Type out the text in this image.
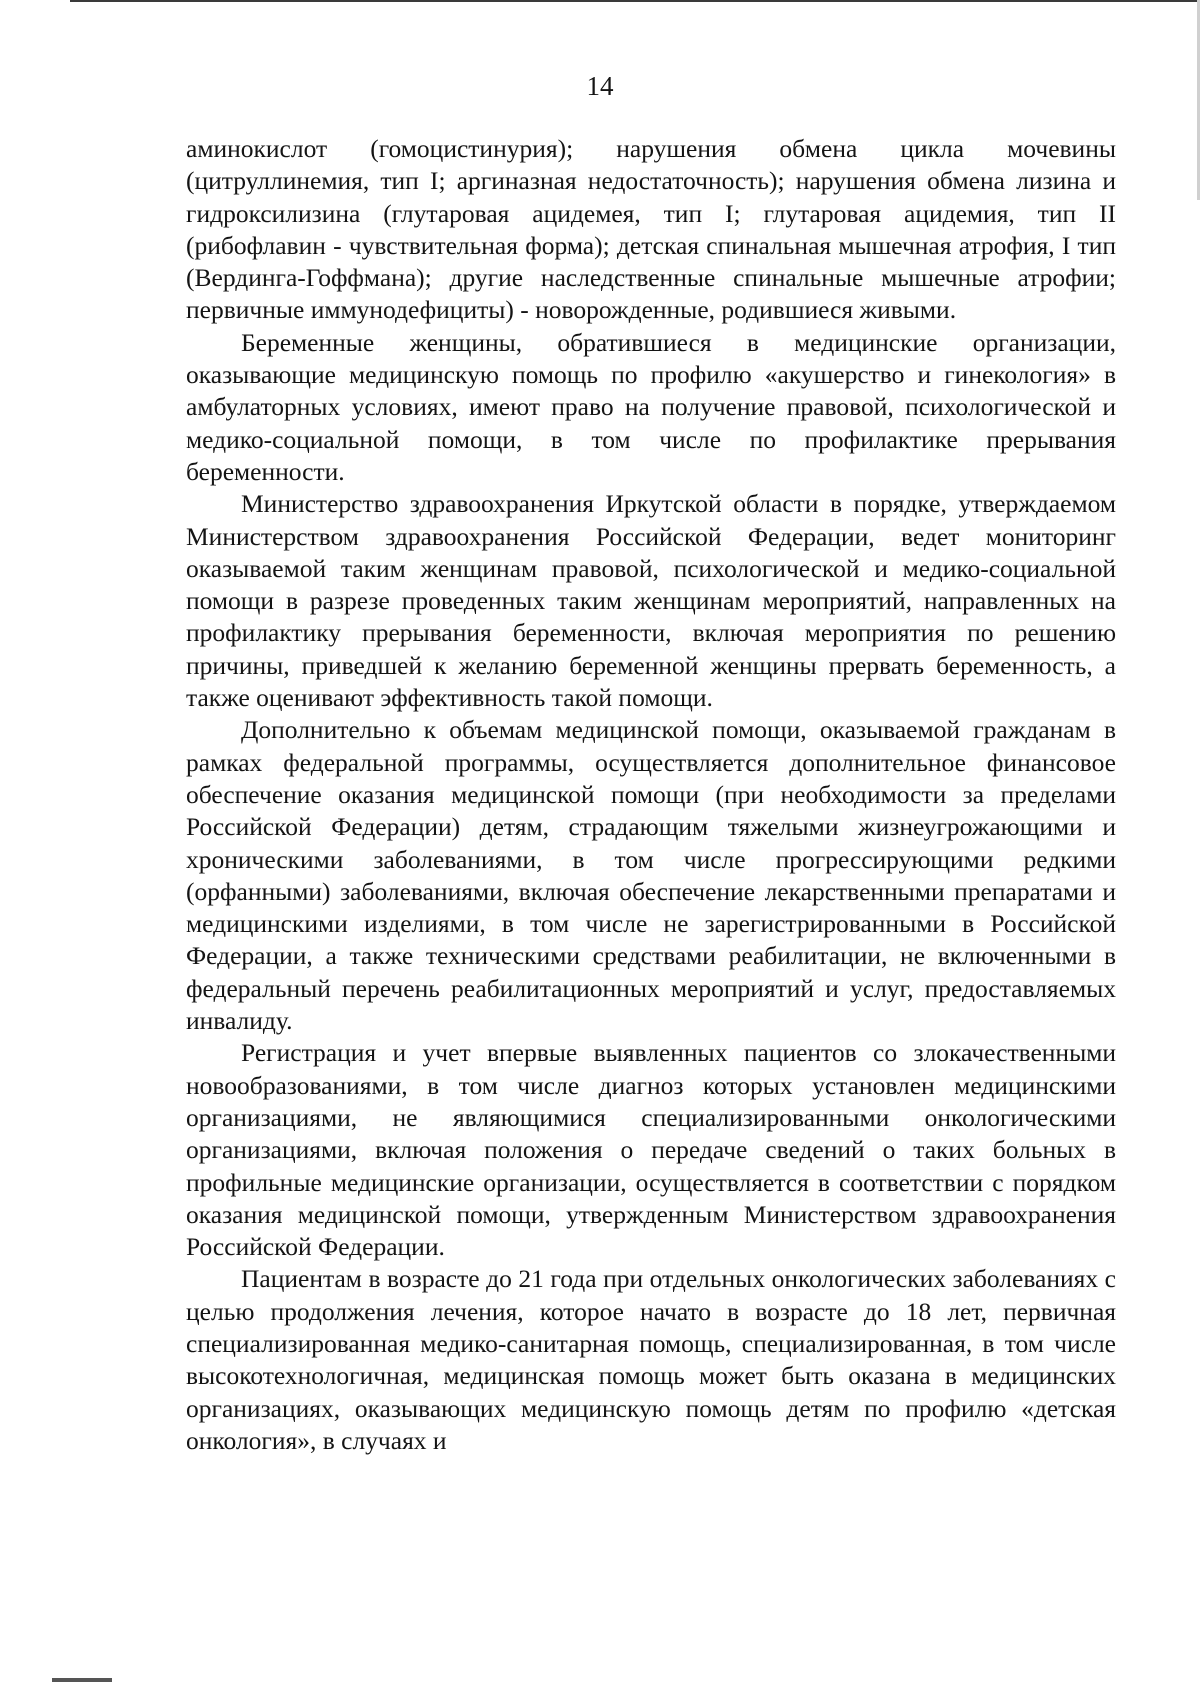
14

аминокислот (гомоцистинурия); нарушения обмена цикла мочевины (цитруллинемия, тип I; аргиназная недостаточность); нарушения обмена лизина и гидроксилизина (глутаровая ацидемея, тип I; глутаровая ацидемия, тип II (рибофлавин - чувствительная форма); детская спинальная мышечная атрофия, I тип (Вердинга-Гоффмана); другие наследственные спинальные мышечные атрофии; первичные иммунодефициты) - новорожденные, родившиеся живыми.

Беременные женщины, обратившиеся в медицинские организации, оказывающие медицинскую помощь по профилю «акушерство и гинекология» в амбулаторных условиях, имеют право на получение правовой, психологической и медико-социальной помощи, в том числе по профилактике прерывания беременности.

Министерство здравоохранения Иркутской области в порядке, утверждаемом Министерством здравоохранения Российской Федерации, ведет мониторинг оказываемой таким женщинам правовой, психологической и медико-социальной помощи в разрезе проведенных таким женщинам мероприятий, направленных на профилактику прерывания беременности, включая мероприятия по решению причины, приведшей к желанию беременной женщины прервать беременность, а также оценивают эффективность такой помощи.

Дополнительно к объемам медицинской помощи, оказываемой гражданам в рамках федеральной программы, осуществляется дополнительное финансовое обеспечение оказания медицинской помощи (при необходимости за пределами Российской Федерации) детям, страдающим тяжелыми жизнеугрожающими и хроническими заболеваниями, в том числе прогрессирующими редкими (орфанными) заболеваниями, включая обеспечение лекарственными препаратами и медицинскими изделиями, в том числе не зарегистрированными в Российской Федерации, а также техническими средствами реабилитации, не включенными в федеральный перечень реабилитационных мероприятий и услуг, предоставляемых инвалиду.

Регистрация и учет впервые выявленных пациентов со злокачественными новообразованиями, в том числе диагноз которых установлен медицинскими организациями, не являющимися специализированными онкологическими организациями, включая положения о передаче сведений о таких больных в профильные медицинские организации, осуществляется в соответствии с порядком оказания медицинской помощи, утвержденным Министерством здравоохранения Российской Федерации.

Пациентам в возрасте до 21 года при отдельных онкологических заболеваниях с целью продолжения лечения, которое начато в возрасте до 18 лет, первичная специализированная медико-санитарная помощь, специализированная, в том числе высокотехнологичная, медицинская помощь может быть оказана в медицинских организациях, оказывающих медицинскую помощь детям по профилю «детская онкология», в случаях и
